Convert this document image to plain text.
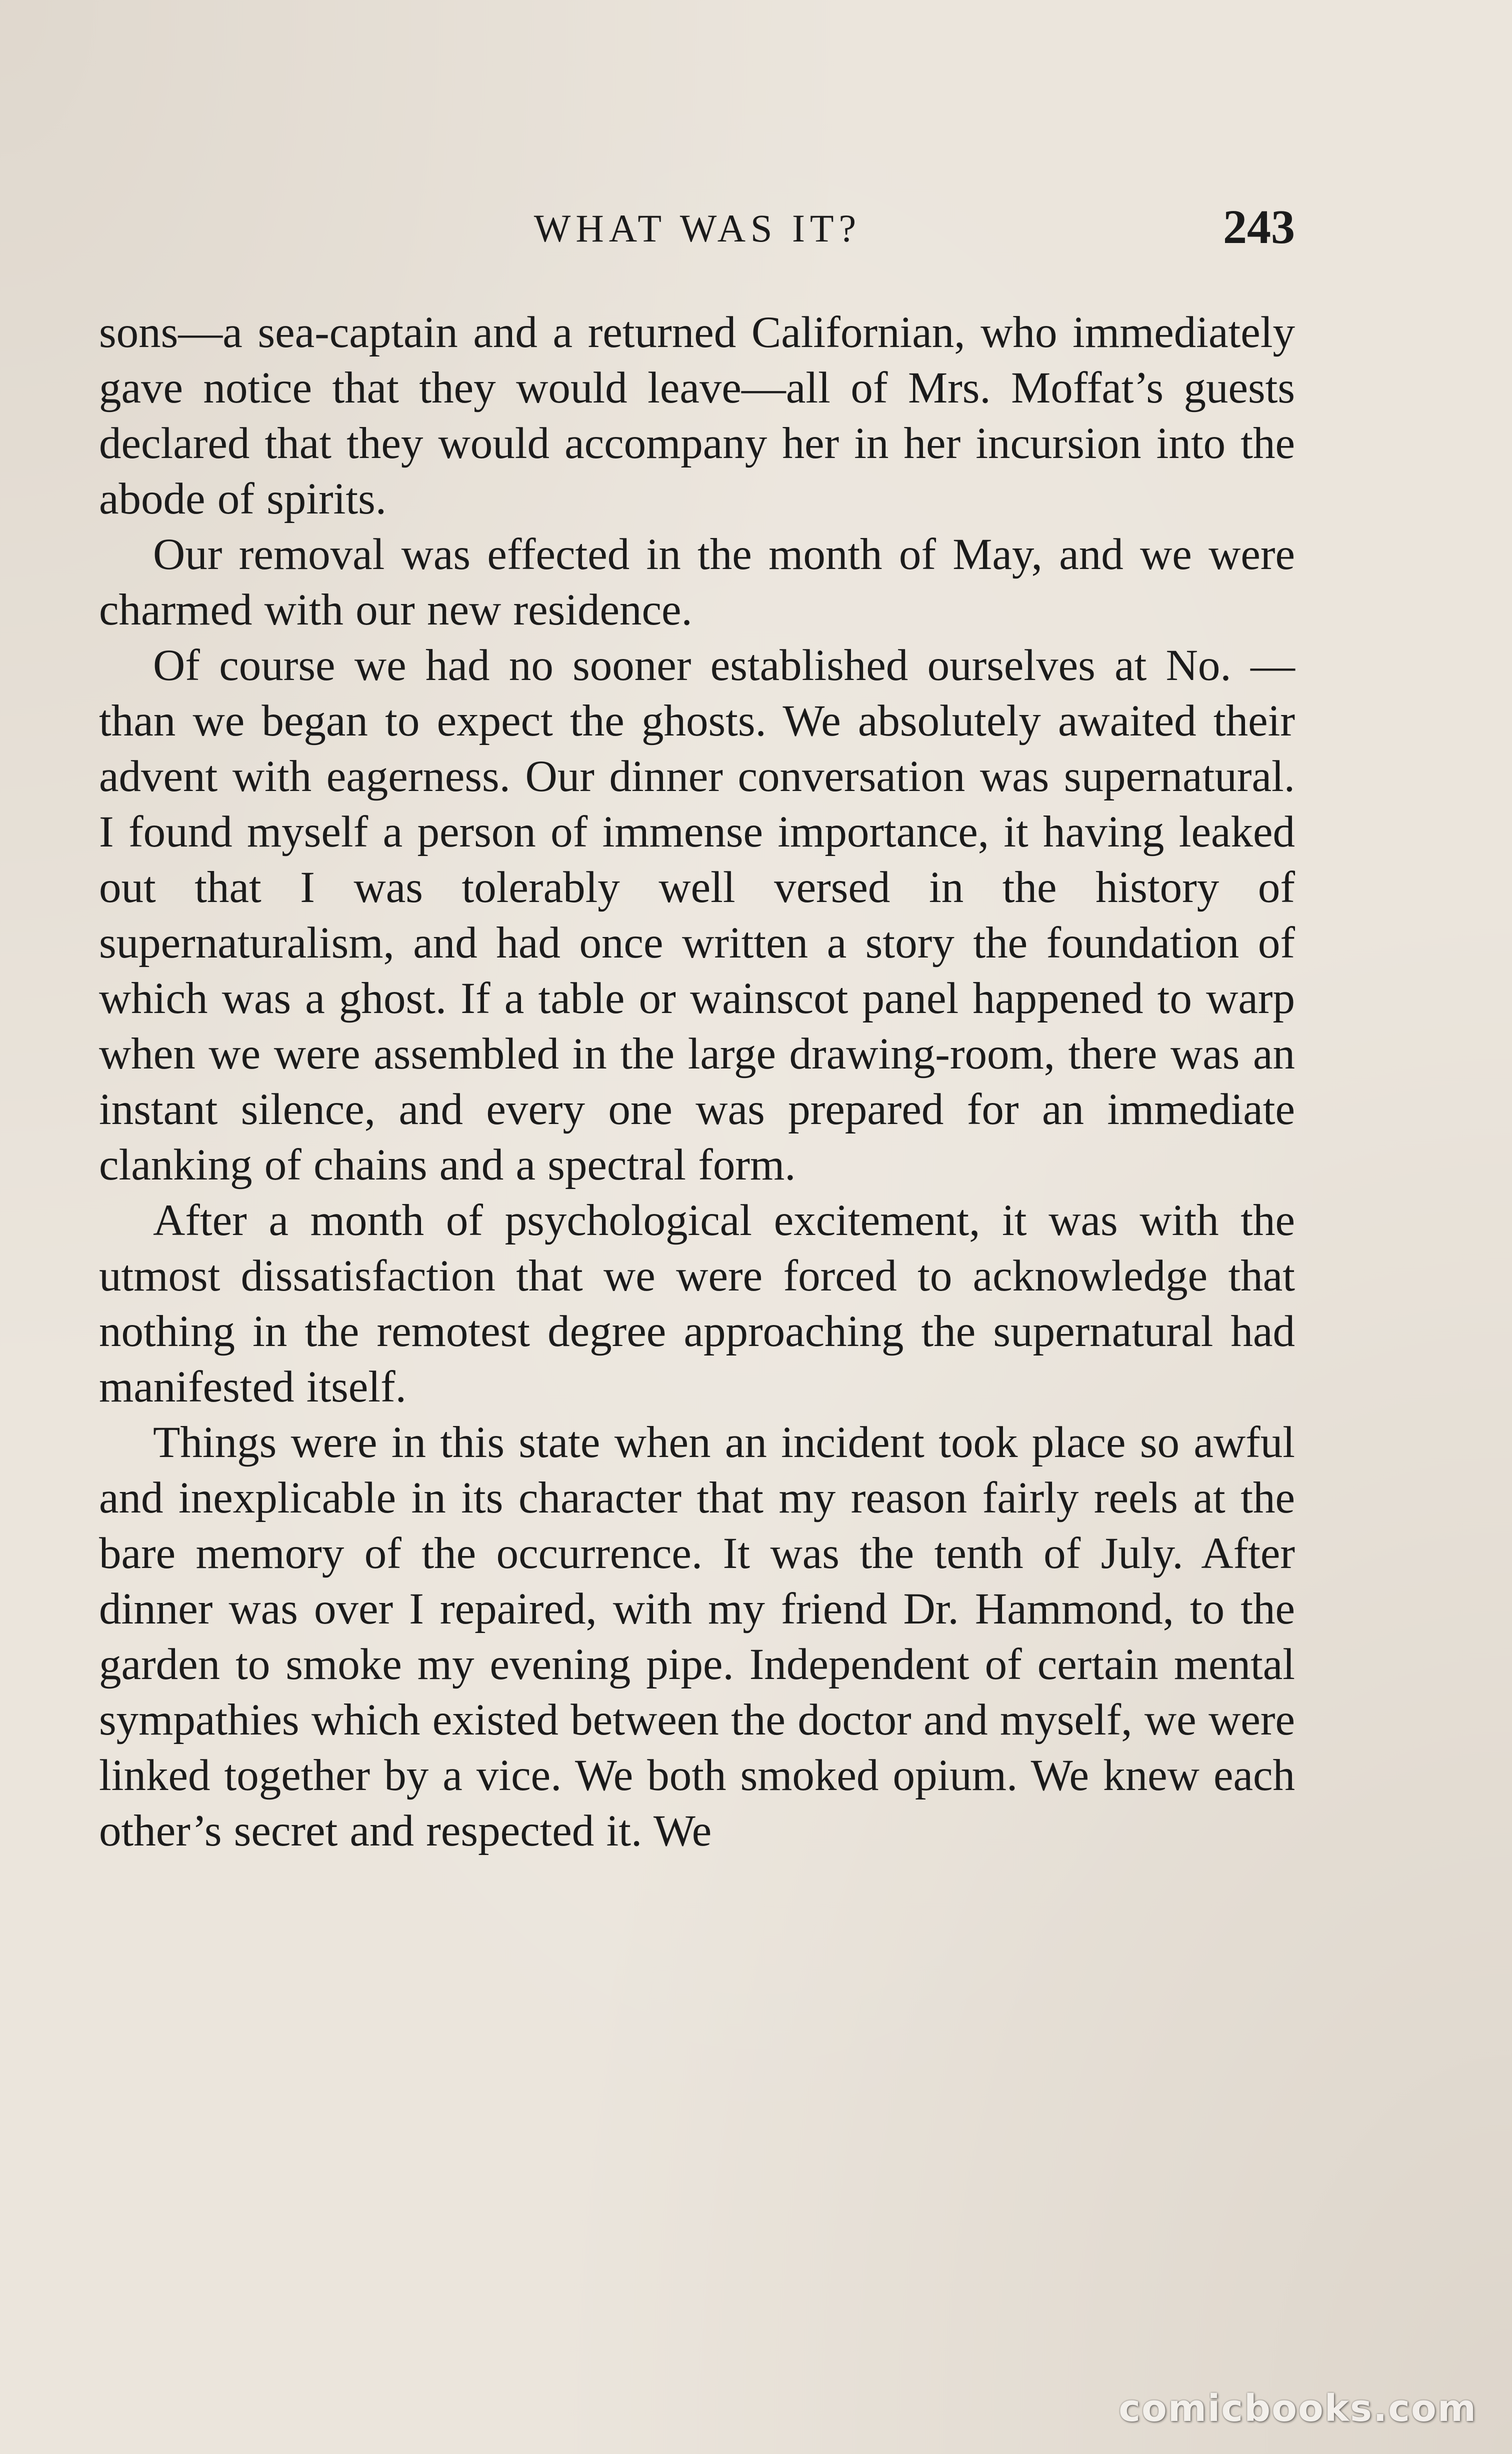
WHAT WAS IT?	243

sons—a sea-captain and a returned Californian, who immediately gave notice that they would leave—all of Mrs. Moffat’s guests declared that they would accompany her in her incursion into the abode of spirits.

Our removal was effected in the month of May, and we were charmed with our new residence.

Of course we had no sooner established ourselves at No. — than we began to expect the ghosts. We absolutely awaited their advent with eagerness. Our dinner conversation was supernatural. I found myself a person of immense importance, it having leaked out that I was tolerably well versed in the history of supernaturalism, and had once written a story the foundation of which was a ghost. If a table or wainscot panel happened to warp when we were assembled in the large drawing-room, there was an instant silence, and every one was prepared for an immediate clanking of chains and a spectral form.

After a month of psychological excitement, it was with the utmost dissatisfaction that we were forced to acknowledge that nothing in the remotest degree approaching the supernatural had manifested itself.

Things were in this state when an incident took place so awful and inexplicable in its character that my reason fairly reels at the bare memory of the occurrence. It was the tenth of July. After dinner was over I repaired, with my friend Dr. Hammond, to the garden to smoke my evening pipe. Independent of certain mental sympathies which existed between the doctor and myself, we were linked together by a vice. We both smoked opium. We knew each other’s secret and respected it. We

comicbooks.com
